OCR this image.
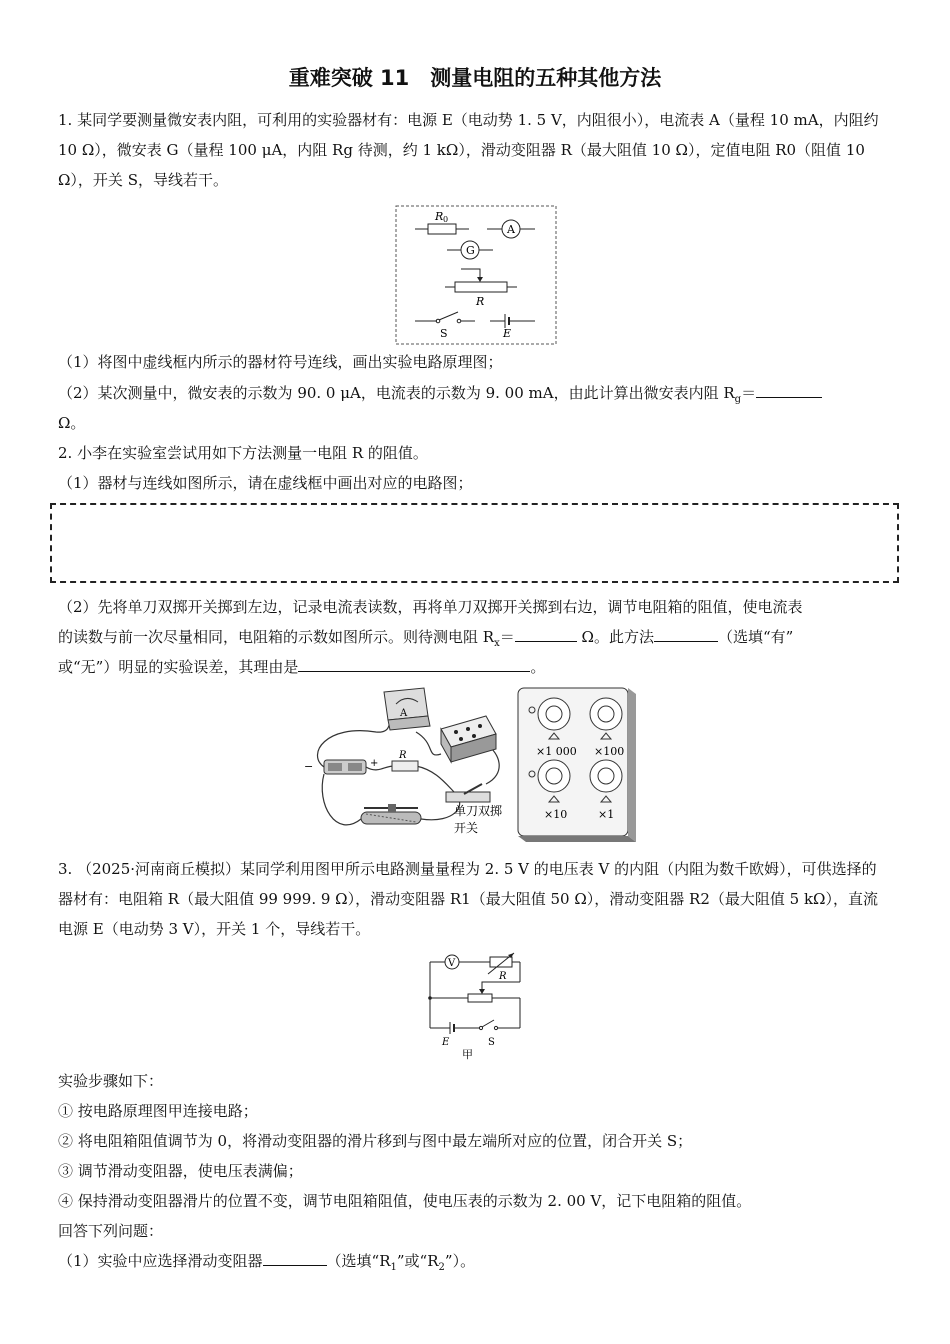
重难突破 11　测量电阻的五种其他方法

1. 某同学要测量微安表内阻，可利用的实验器材有：电源 E（电动势 1. 5 V，内阻很小），电流表 A（量程 10 mA，内阻约 10 Ω），微安表 G（量程 100 μA，内阻 Rg 待测，约 1 kΩ），滑动变阻器 R（最大阻值 10 Ω），定值电阻 R0（阻值 10 Ω），开关 S，导线若干。

R 0
A
G
R
S	E
（1）将图中虚线框内所示的器材符号连线，画出实验电路原理图；
（2）某次测量中，微安表的示数为 90. 0 μA，电流表的示数为 9. 00 mA，由此计算出微安表内阻 $R_g=$
Ω。
2. 小李在实验室尝试用如下方法测量一电阻 R 的阻值。
（1）器材与连线如图所示，请在虚线框中画出对应的电路图；
（2）先将单刀双掷开关掷到左边，记录电流表读数，再将单刀双掷开关掷到右边，调节电阻箱的阻值，使电流表
的读数与前一次尽量相同，电阻箱的示数如图所示。则待测电阻 $R_x=$	Ω。此方法	（选填“有”
或“无”）明显的实验误差，其理由是	。
A
−	+
R
单刀双掷
开关
×1 000 ×100
×10	×1

3. （2025·河南商丘模拟）某同学利用图甲所示电路测量量程为 2. 5 V 的电压表 V 的内阻（内阻为数千欧姆），可供选择的器材有：电阻箱 R（最大阻值 99 999. 9 Ω），滑动变阻器 R1（最大阻值 50 Ω），滑动变阻器 R2（最大阻值 5 kΩ），直流电源 E（电动势 3 V），开关 1 个，导线若干。

V
R
E	S
甲
实验步骤如下：
① 按电路原理图甲连接电路；
② 将电阻箱阻值调节为 0，将滑动变阻器的滑片移到与图中最左端所对应的位置，闭合开关 S；
③ 调节滑动变阻器，使电压表满偏；
④ 保持滑动变阻器滑片的位置不变，调节电阻箱阻值，使电压表的示数为 2. 00 V，记下电阻箱的阻值。
回答下列问题：
（1）实验中应选择滑动变阻器	（选填“$R_1$”或“$R_2$”）。
